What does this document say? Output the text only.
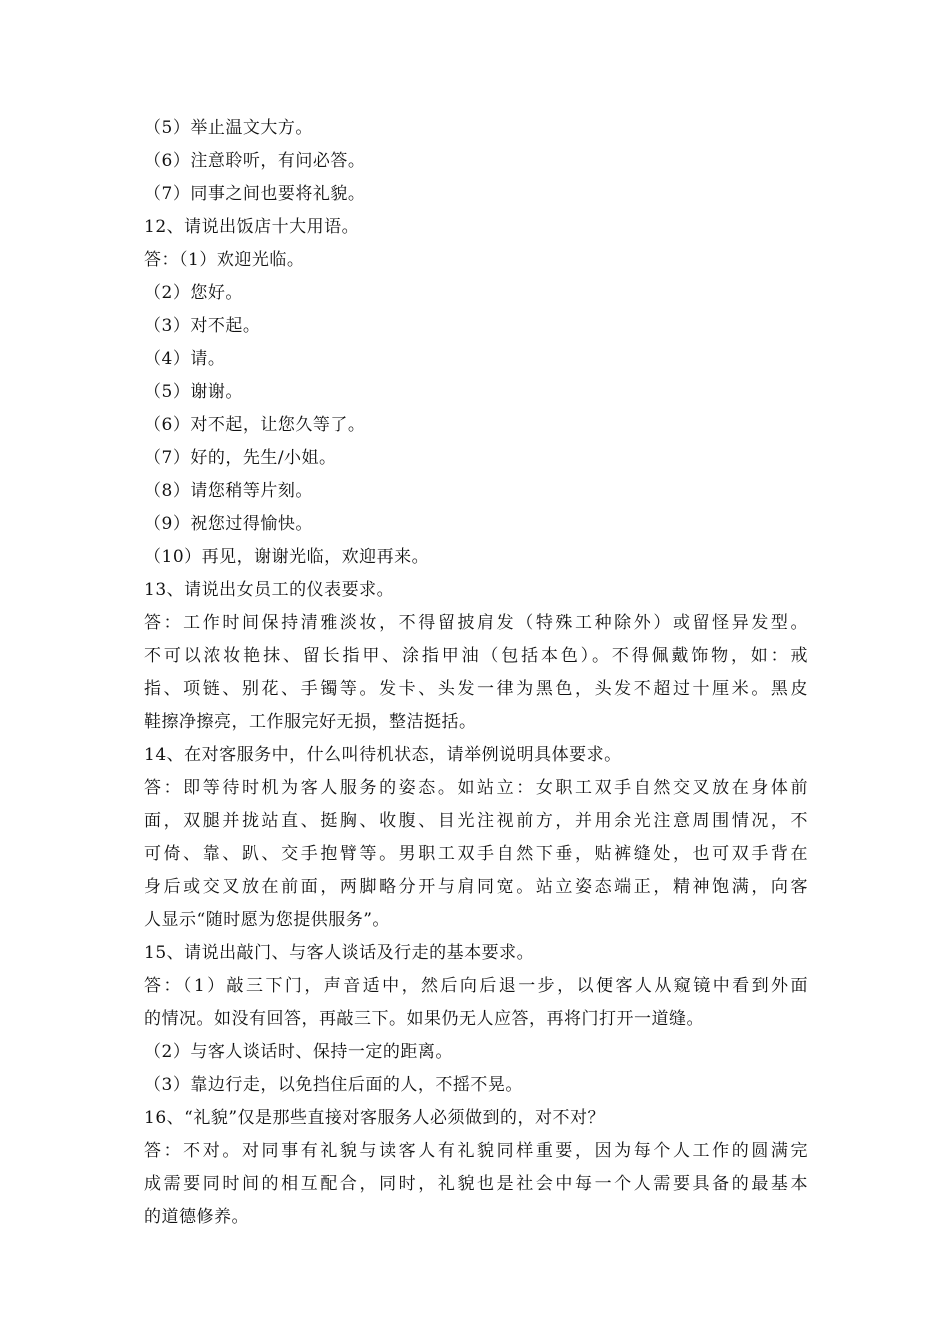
（5）举止温文大方。
（6）注意聆听，有问必答。
（7）同事之间也要将礼貌。
12、请说出饭店十大用语。
答：（1）欢迎光临。
（2）您好。
（3）对不起。
（4）请。
（5）谢谢。
（6）对不起，让您久等了。
（7）好的，先生/小姐。
（8）请您稍等片刻。
（9）祝您过得愉快。
（10）再见，谢谢光临，欢迎再来。
13、请说出女员工的仪表要求。
答：工作时间保持清雅淡妆，不得留披肩发（特殊工种除外）或留怪异发型。
不可以浓妆艳抹、留长指甲、涂指甲油（包括本色）。不得佩戴饰物，如：戒
指、项链、别花、手镯等。发卡、头发一律为黑色，头发不超过十厘米。黑皮
鞋擦净擦亮，工作服完好无损，整洁挺括。
14、在对客服务中，什么叫待机状态，请举例说明具体要求。
答：即等待时机为客人服务的姿态。如站立：女职工双手自然交叉放在身体前
面，双腿并拢站直、挺胸、收腹、目光注视前方，并用余光注意周围情况，不
可倚、靠、趴、交手抱臂等。男职工双手自然下垂，贴裤缝处，也可双手背在
身后或交叉放在前面，两脚略分开与肩同宽。站立姿态端正，精神饱满，向客
人显示“随时愿为您提供服务”。
15、请说出敲门、与客人谈话及行走的基本要求。
答：（1）敲三下门，声音适中，然后向后退一步，以便客人从窥镜中看到外面
的情况。如没有回答，再敲三下。如果仍无人应答，再将门打开一道缝。
（2）与客人谈话时、保持一定的距离。
（3）靠边行走，以免挡住后面的人，不摇不晃。
16、“礼貌”仅是那些直接对客服务人必须做到的，对不对？
答：不对。对同事有礼貌与读客人有礼貌同样重要，因为每个人工作的圆满完
成需要同时间的相互配合，同时，礼貌也是社会中每一个人需要具备的最基本
的道德修养。
